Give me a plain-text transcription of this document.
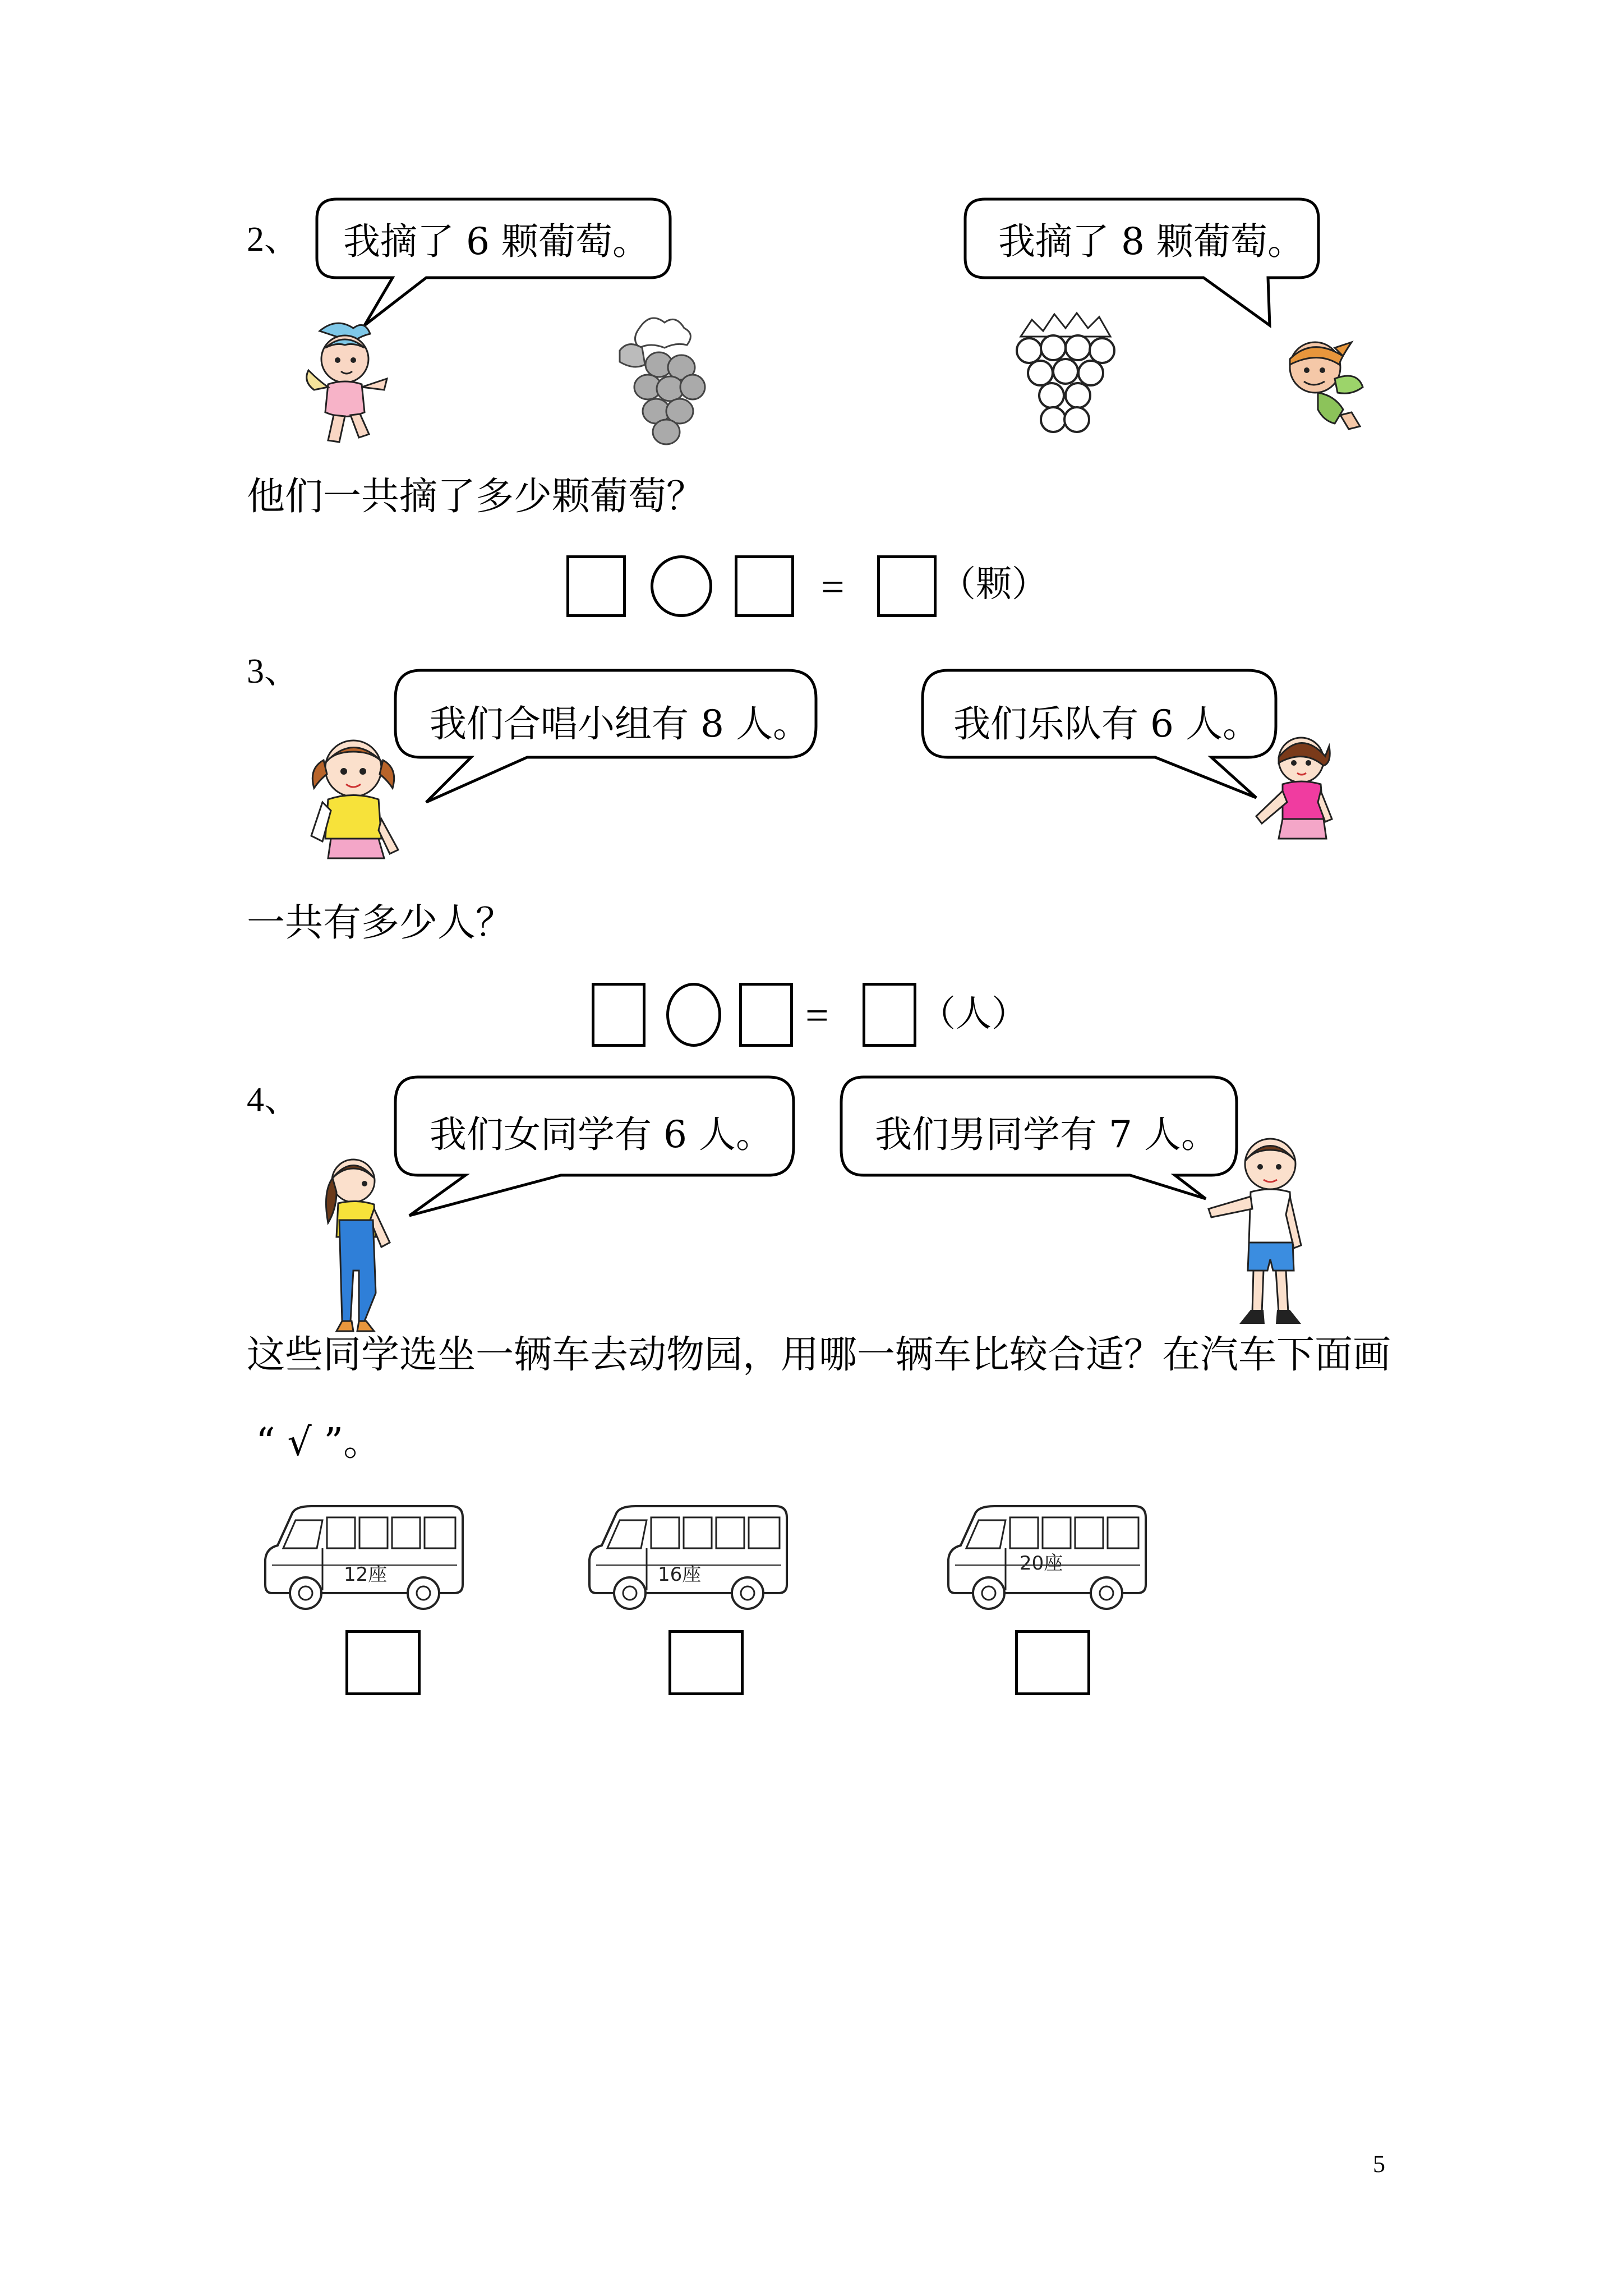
2、 我摘了 6 颗葡萄。	我摘了 8 颗葡萄。
他们一共摘了多少颗葡萄？
=	（颗）
3、
我们合唱小组有 8 人。	我们乐队有 6 人。
一共有多少人？
=	（人）
4、
我们女同学有 6 人。	我们男同学有 7 人。
这些同学选坐一辆车去动物园，用哪一辆车比较合适？在汽车下面画
“ √ ”。
12座	16座	20座
5
